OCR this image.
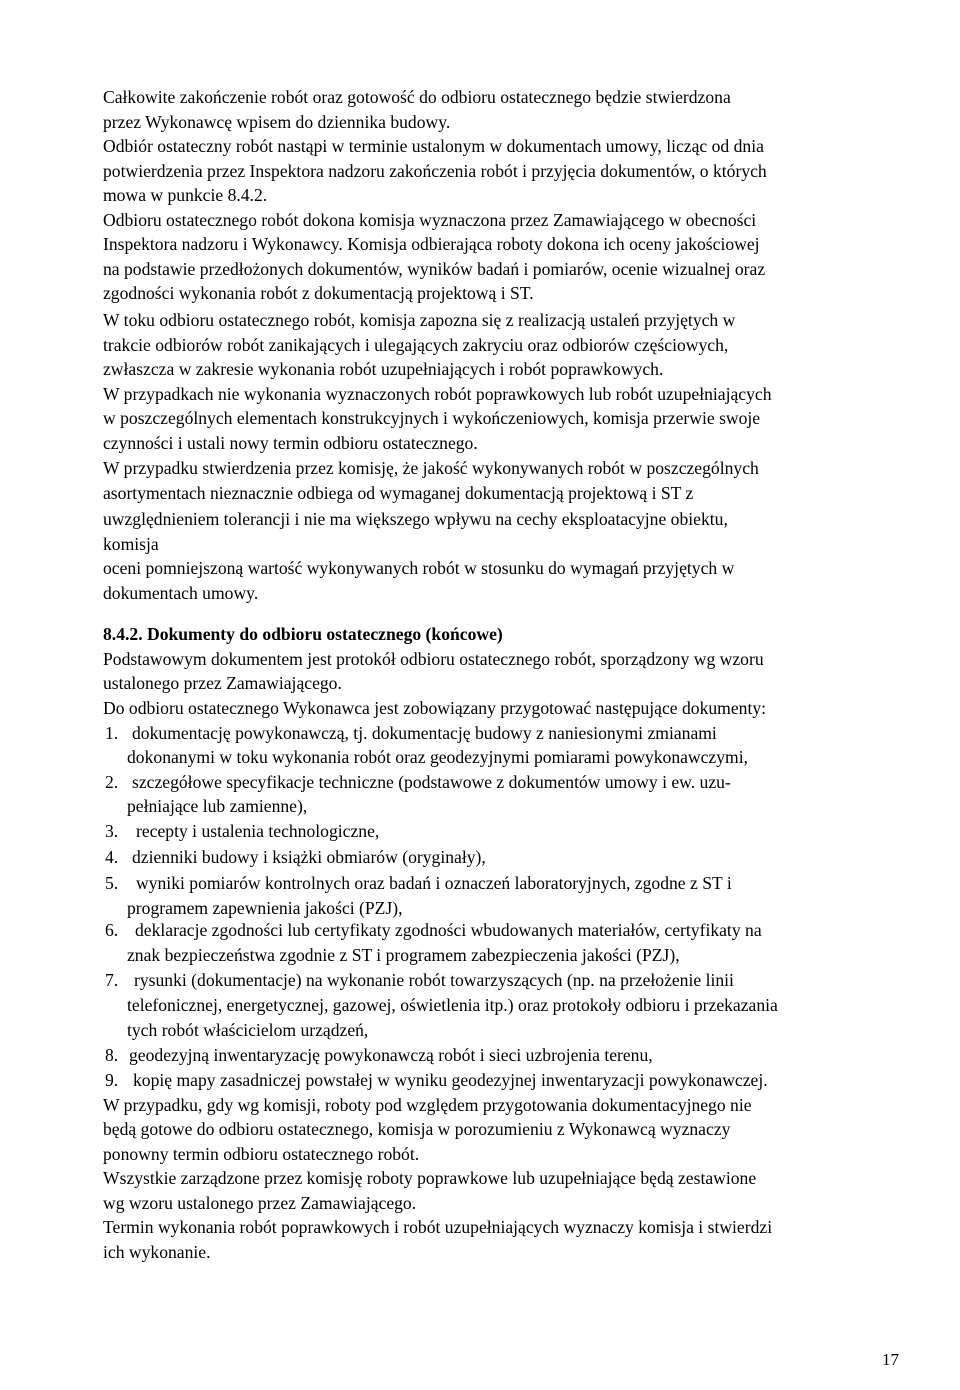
Całkowite zakończenie robót oraz gotowość do odbioru ostatecznego będzie stwierdzona
przez Wykonawcę wpisem do dziennika budowy.
Odbiór ostateczny robót nastąpi w terminie ustalonym w dokumentach umowy, licząc od dnia
potwierdzenia przez Inspektora nadzoru zakończenia robót i przyjęcia dokumentów, o których
mowa w punkcie 8.4.2.
Odbioru ostatecznego robót dokona komisja wyznaczona przez Zamawiającego w obecności
Inspektora nadzoru i Wykonawcy. Komisja odbierająca roboty dokona ich oceny jakościowej
na podstawie przedłożonych dokumentów, wyników badań i pomiarów, ocenie wizualnej oraz
zgodności wykonania robót z dokumentacją projektową i ST.
W toku odbioru ostatecznego robót, komisja zapozna się z realizacją ustaleń przyjętych w
trakcie odbiorów robót zanikających i ulegających zakryciu oraz odbiorów częściowych,
zwłaszcza w zakresie wykonania robót uzupełniających i robót poprawkowych.
W przypadkach nie wykonania wyznaczonych robót poprawkowych lub robót uzupełniających
w poszczególnych elementach konstrukcyjnych i wykończeniowych, komisja przerwie swoje
czynności i ustali nowy termin odbioru ostatecznego.
W przypadku stwierdzenia przez komisję, że jakość wykonywanych robót w poszczególnych
asortymentach nieznacznie odbiega od wymaganej dokumentacją projektową i ST z
uwzględnieniem tolerancji i nie ma większego wpływu na cechy eksploatacyjne obiektu,
komisja
oceni pomniejszoną wartość wykonywanych robót w stosunku do wymagań przyjętych w
dokumentach umowy.
8.4.2. Dokumenty do odbioru ostatecznego (końcowe)
Podstawowym dokumentem jest protokół odbioru ostatecznego robót, sporządzony wg wzoru
ustalonego przez Zamawiającego.
Do odbioru ostatecznego Wykonawca jest zobowiązany przygotować następujące dokumenty:
1. dokumentację powykonawczą, tj. dokumentację budowy z naniesionymi zmianami
dokonanymi w toku wykonania robót oraz geodezyjnymi pomiarami powykonawczymi,
2. szczegółowe specyfikacje techniczne (podstawowe z dokumentów umowy i ew. uzu-
pełniające lub zamienne),
3. recepty i ustalenia technologiczne,
4. dzienniki budowy i książki obmiarów (oryginały),
5. wyniki pomiarów kontrolnych oraz badań i oznaczeń laboratoryjnych, zgodne z ST i
programem zapewnienia jakości (PZJ),
6. deklaracje zgodności lub certyfikaty zgodności wbudowanych materiałów, certyfikaty na
znak bezpieczeństwa zgodnie z ST i programem zabezpieczenia jakości (PZJ),
7. rysunki (dokumentacje) na wykonanie robót towarzyszących (np. na przełożenie linii
telefonicznej, energetycznej, gazowej, oświetlenia itp.) oraz protokoły odbioru i przekazania
tych robót właścicielom urządzeń,
8. geodezyjną inwentaryzację powykonawczą robót i sieci uzbrojenia terenu,
9. kopię mapy zasadniczej powstałej w wyniku geodezyjnej inwentaryzacji powykonawczej.
W przypadku, gdy wg komisji, roboty pod względem przygotowania dokumentacyjnego nie
będą gotowe do odbioru ostatecznego, komisja w porozumieniu z Wykonawcą wyznaczy
ponowny termin odbioru ostatecznego robót.
Wszystkie zarządzone przez komisję roboty poprawkowe lub uzupełniające będą zestawione
wg wzoru ustalonego przez Zamawiającego.
Termin wykonania robót poprawkowych i robót uzupełniających wyznaczy komisja i stwierdzi
ich wykonanie.
17
